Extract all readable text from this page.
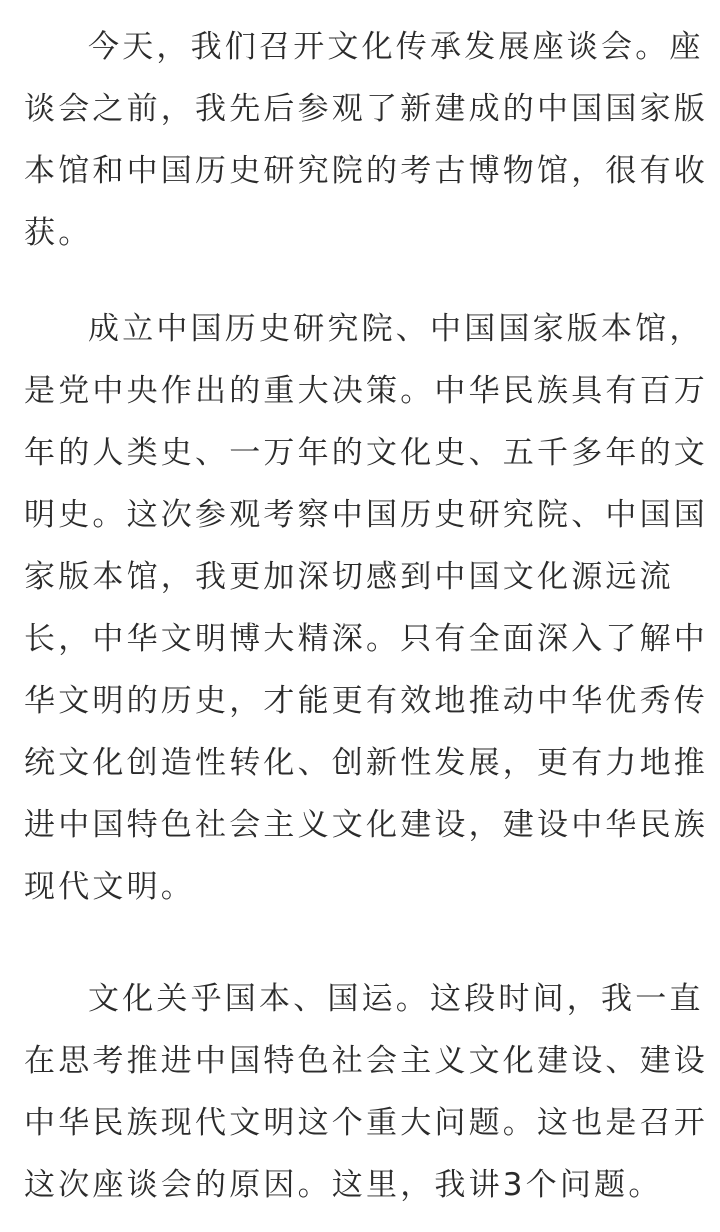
今天，我们召开文化传承发展座谈会。座
谈会之前，我先后参观了新建成的中国国家版
本馆和中国历史研究院的考古博物馆，很有收
获。
成立中国历史研究院、中国国家版本馆，
是党中央作出的重大决策。中华民族具有百万
年的人类史、一万年的文化史、五千多年的文
明史。这次参观考察中国历史研究院、中国国
家版本馆，我更加深切感到中国文化源远流
长，中华文明博大精深。只有全面深入了解中
华文明的历史，才能更有效地推动中华优秀传
统文化创造性转化、创新性发展，更有力地推
进中国特色社会主义文化建设，建设中华民族
现代文明。
文化关乎国本、国运。这段时间，我一直
在思考推进中国特色社会主义文化建设、建设
中华民族现代文明这个重大问题。这也是召开
这次座谈会的原因。这里，我讲3个问题。
